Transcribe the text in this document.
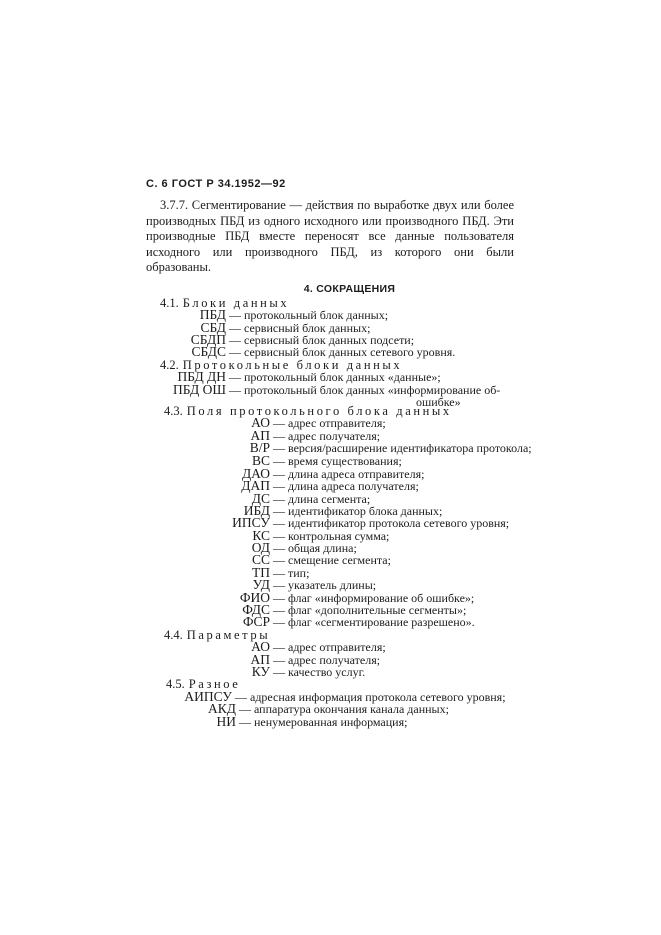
С. 6 ГОСТ Р 34.1952—92

3.7.7. Сегментирование — действия по выработке двух или более производных ПБД из одного исходного или производного ПБД. Эти производные ПБД вместе переносят все данные пользователя исходного или производного ПБД, из которого они были образованы.

4. СОКРАЩЕНИЯ
4.1. Блоки данных
ПБД — протокольный блок данных;
СБД — сервисный блок данных;
СБДП — сервисный блок данных подсети;
СБДС — сервисный блок данных сетевого уровня.
4.2. Протокольные блоки данных
ПБД ДН — протокольный блок данных «данные»;
ПБД ОШ — протокольный блок данных «информирование об-
ошибке»
4.3. Поля протокольного блока данных
АО — адрес отправителя;
АП — адрес получателя;
В/Р — версия/расширение идентификатора протокола;
ВС — время существования;
ДАО — длина адреса отправителя;
ДАП — длина адреса получателя;
ДС — длина сегмента;
ИБД — идентификатор блока данных;
ИПСУ — идентификатор протокола сетевого уровня;
КС — контрольная сумма;
ОД — общая длина;
СС — смещение сегмента;
ТП — тип;
УД — указатель длины;
ФИО — флаг «информирование об ошибке»;
ФДС — флаг «дополнительные сегменты»;
ФСР — флаг «сегментирование разрешено».
4.4. Параметры
АО — адрес отправителя;
АП — адрес получателя;
КУ — качество услуг.
4.5. Разное
АИПСУ — адресная информация протокола сетевого уровня;
АКД — аппаратура окончания канала данных;
НИ — ненумерованная информация;
